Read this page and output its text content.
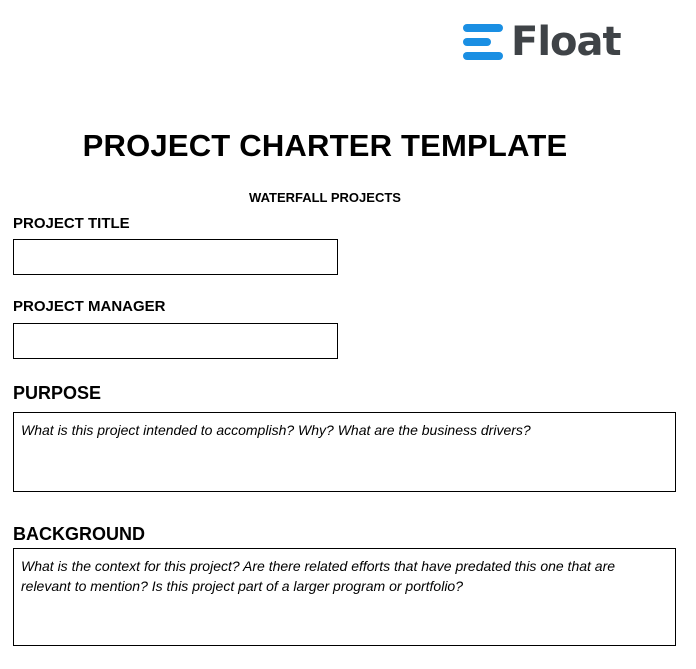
Float
PROJECT CHARTER TEMPLATE

WATERFALL PROJECTS

PROJECT TITLE

PROJECT MANAGER

PURPOSE

What is this project intended to accomplish? Why? What are the business drivers?

BACKGROUND

What is the context for this project? Are there related efforts that have predated this one that are relevant to mention? Is this project part of a larger program or portfolio?
